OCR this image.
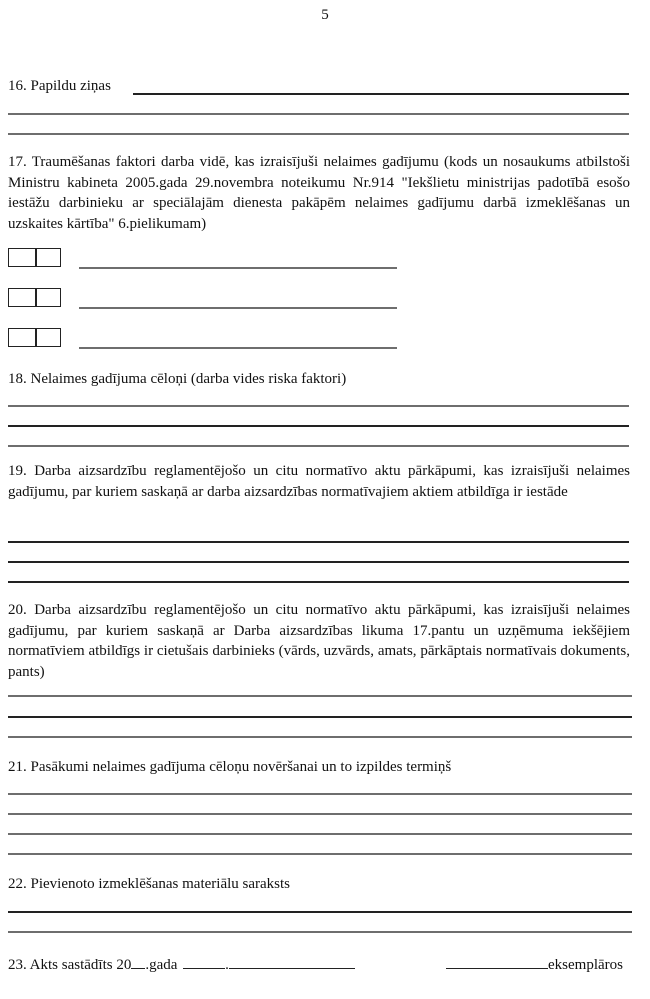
5
16. Papildu ziņas
17. Traumēšanas faktori darba vidē, kas izraisījuši nelaimes gadījumu (kods un nosaukums atbilstoši Ministru kabineta 2005.gada 29.novembra noteikumu Nr.914 "Iekšlietu ministrijas padotībā esošo iestāžu darbinieku ar speciālajām dienesta pakāpēm nelaimes gadījumu darbā izmeklēšanas un uzskaites kārtība" 6.pielikumam)
18. Nelaimes gadījuma cēloņi (darba vides riska faktori)
19. Darba aizsardzību reglamentējošo un citu normatīvo aktu pārkāpumi, kas izraisījuši nelaimes gadījumu, par kuriem saskaņā ar darba aizsardzības normatīvajiem aktiem atbildīga ir iestāde
20. Darba aizsardzību reglamentējošo un citu normatīvo aktu pārkāpumi, kas izraisījuši nelaimes gadījumu, par kuriem saskaņā ar Darba aizsardzības likuma 17.pantu un uzņēmuma iekšējiem normatīviem atbildīgs ir cietušais darbinieks (vārds, uzvārds, amats, pārkāptais normatīvais dokuments, pants)
21. Pasākumi nelaimes gadījuma cēloņu novēršanai un to izpildes termiņš
22. Pievienoto izmeklēšanas materiālu saraksts
23. Akts sastādīts 20 .gada	.	eksemplāros
